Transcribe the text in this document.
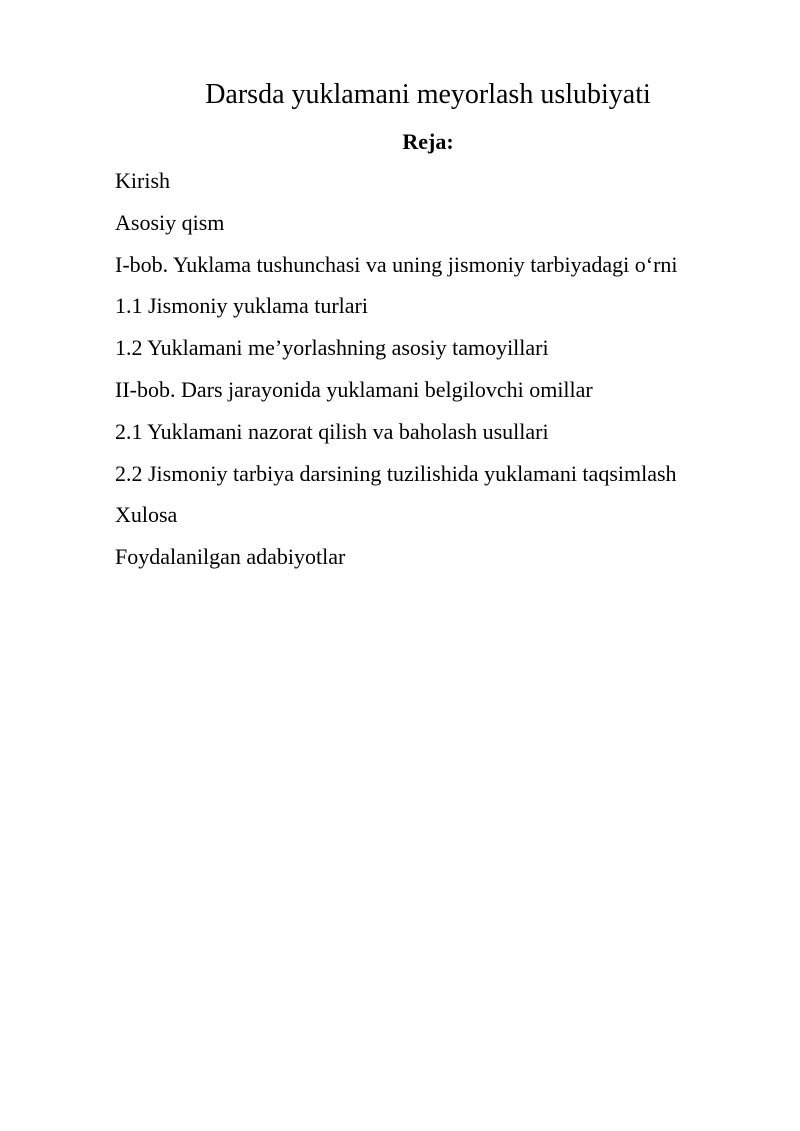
Darsda yuklamani meyorlash uslubiyati
Reja:
Kirish
Asosiy qism
I-bob. Yuklama tushunchasi va uning jismoniy tarbiyadagi o‘rni
1.1 Jismoniy yuklama turlari
1.2 Yuklamani me’yorlashning asosiy tamoyillari
II-bob. Dars jarayonida yuklamani belgilovchi omillar
2.1 Yuklamani nazorat qilish va baholash usullari
2.2 Jismoniy tarbiya darsining tuzilishida yuklamani taqsimlash
Xulosa
Foydalanilgan adabiyotlar
